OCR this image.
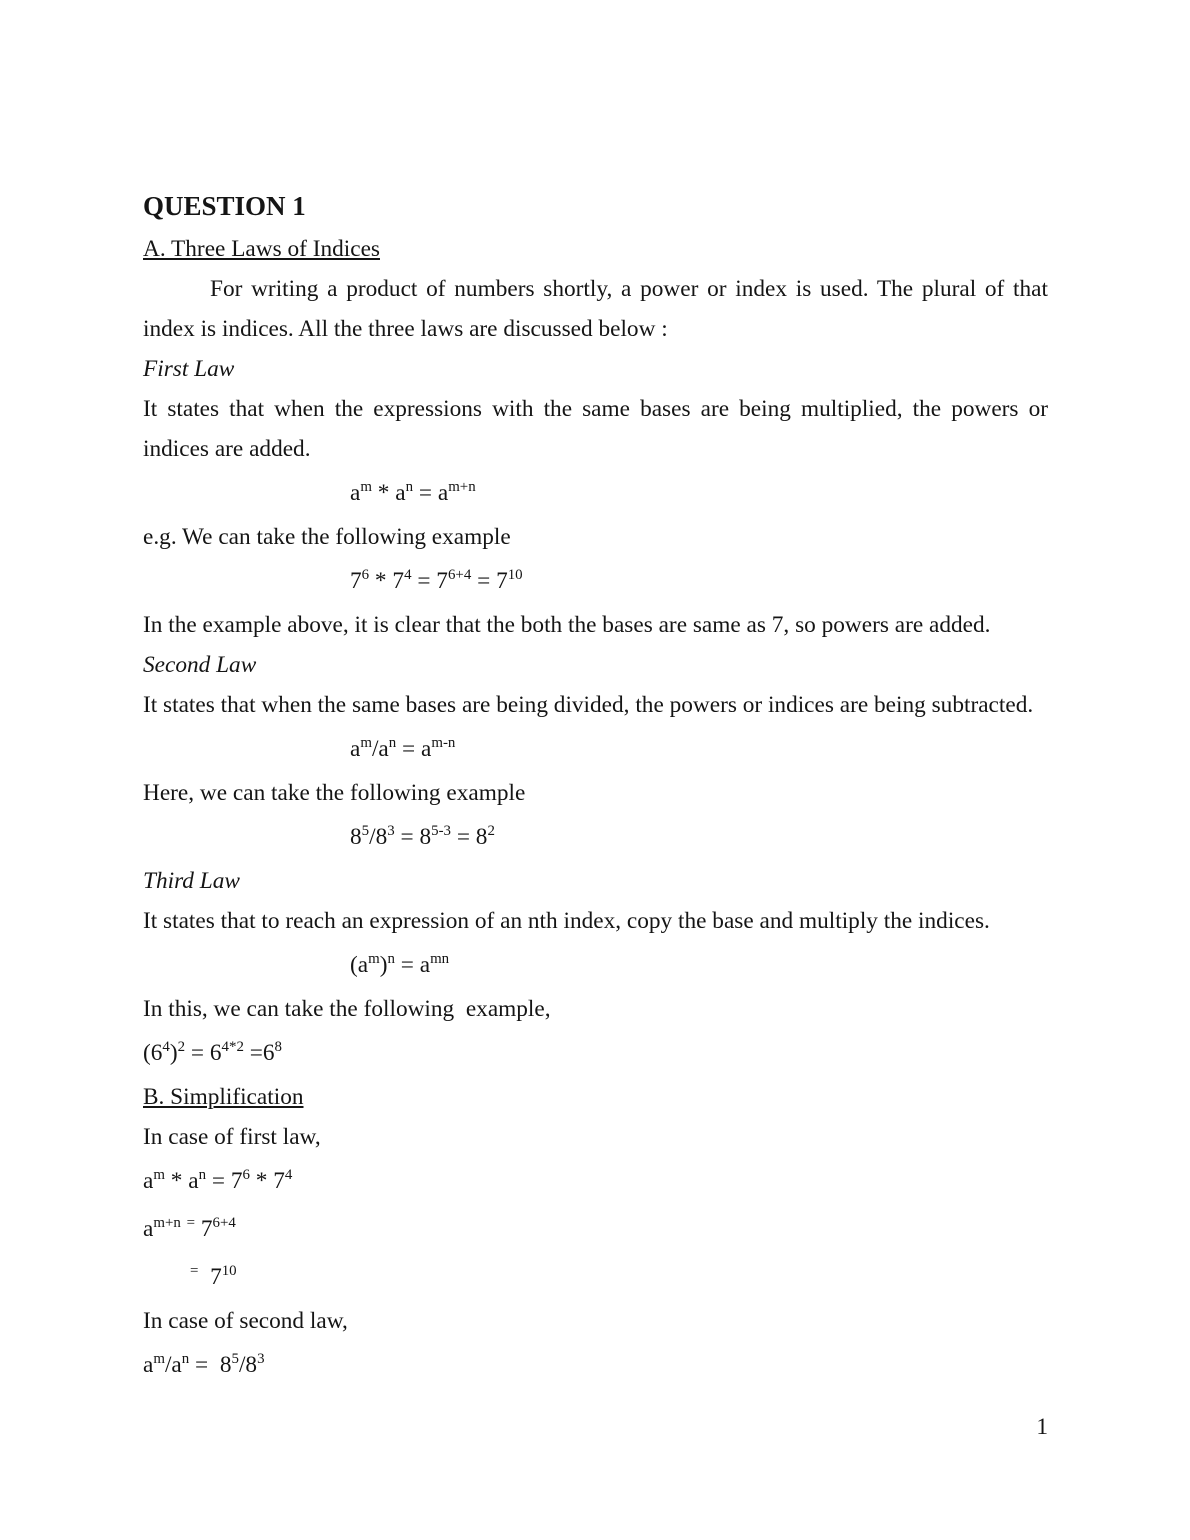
QUESTION 1
A. Three Laws of Indices
For writing a product of numbers shortly, a power or index is used. The plural of that
index is indices. All the three laws are discussed below :
First Law
It states that when the expressions with the same bases are being multiplied, the powers or
indices are added.
$a^m * a^n = a^{m+n}$
e.g. We can take the following example
$7^6 * 7^4 = 7^{6+4} = 7^{10}$
In the example above, it is clear that the both the bases are same as 7, so powers are added.
Second Law
It states that when the same bases are being divided, the powers or indices are being subtracted.
$a^m/a^n = a^{m-n}$
Here, we can take the following example
$8^5/8^3 = 8^{5-3} = 8^2$
Third Law
It states that to reach an expression of an nth index, copy the base and multiply the indices.
$(a^m)^n = a^{mn}$
In this, we can take the following  example,
$(6^4)^2 = 6^{4*2} =6^8$
B. Simplification
In case of first law,
$a^m * a^n = 7^6 * 7^4$
$a^{m+n}$ = $7^{6+4}$
=  $7^{10}$
In case of second law,
$a^m/a^n = 8^5/8^3$
1
